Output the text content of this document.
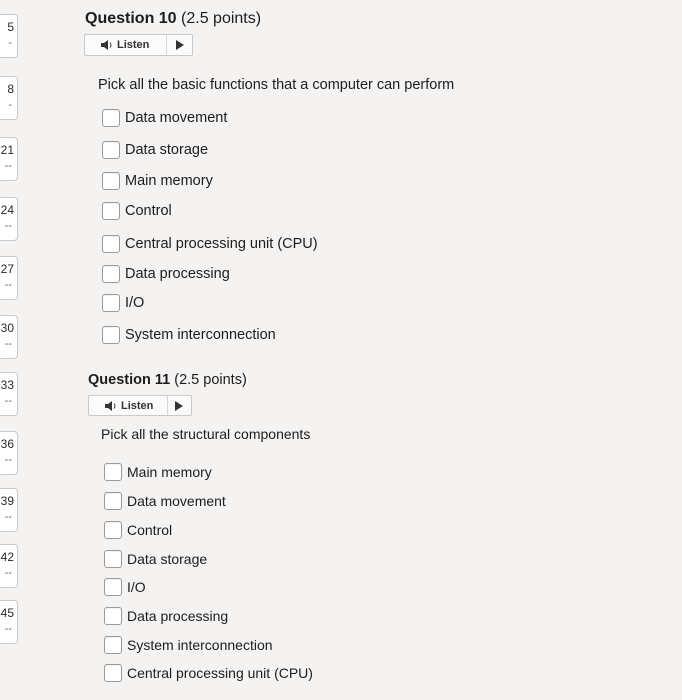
5
-
8
-
21
--
24
--
27
--
30
--
33
--
36
--
39
--
42
--
45
--
Question 10 (2.5 points)
Listen
Pick all the basic functions that a computer can perform
Data movement
Data storage
Main memory
Control
Central processing unit (CPU)
Data processing
I/O
System interconnection
Question 11 (2.5 points)
Listen
Pick all the structural components
Main memory
Data movement
Control
Data storage
I/O
Data processing
System interconnection
Central processing unit (CPU)
